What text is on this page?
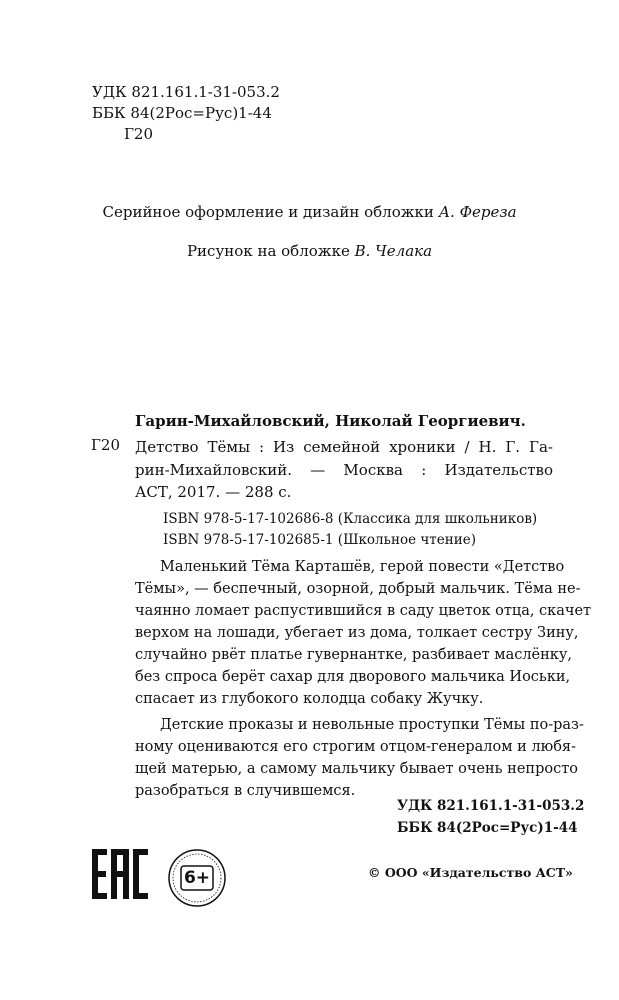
УДК 821.161.1-31-053.2
ББК 84(2Рос=Рус)1-44
Г20
Серийное оформление и дизайн обложки А. Фереза
Рисунок на обложке В. Челака
Гарин-Михайловский, Николай Георгиевич.
Г20 Детство Тёмы : Из семейной хроники / Н. Г. Га-
рин-Михайловский. — Москва : Издательство
АСТ, 2017. — 288 с.
ISBN 978-5-17-102686-8 (Классика для школьников)
ISBN 978-5-17-102685-1 (Школьное чтение)
Маленький Тёма Карташёв, герой повести «Детство
Тёмы», — беспечный, озорной, добрый мальчик. Тёма не-
чаянно ломает распустившийся в саду цветок отца, скачет
верхом на лошади, убегает из дома, толкает сестру Зину,
случайно рвёт платье гувернантке, разбивает маслёнку,
без спроса берёт сахар для дворового мальчика Иоськи,
спасает из глубокого колодца собаку Жучку.
Детские проказы и невольные проступки Тёмы по-раз-
ному оцениваются его строгим отцом-генералом и любя-
щей матерью, а самому мальчику бывает очень непросто
разобраться в случившемся.
УДК 821.161.1-31-053.2
ББК 84(2Рос=Рус)1-44
6+	© ООО «Издательство АСТ»
